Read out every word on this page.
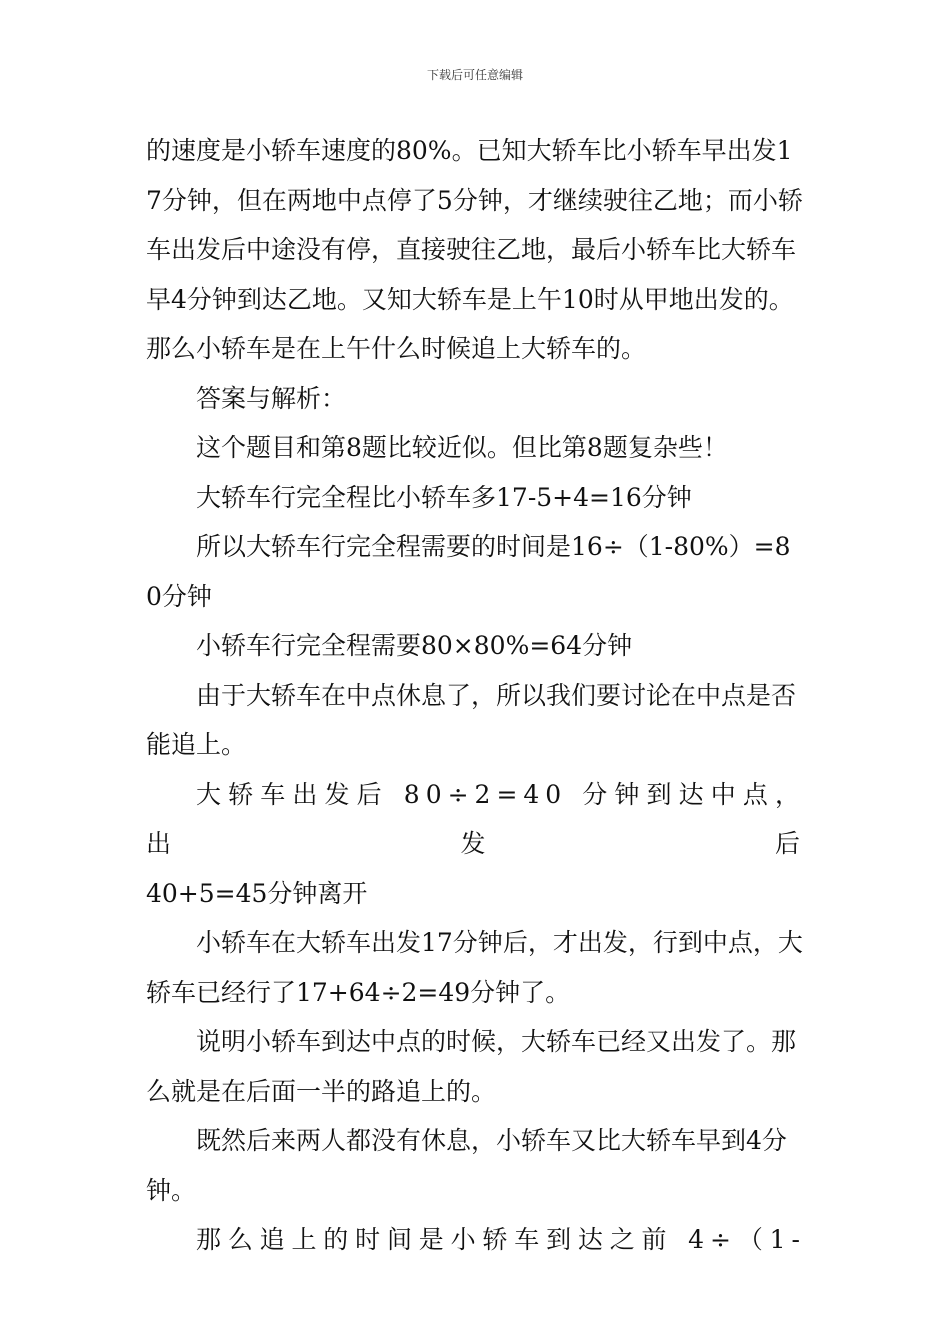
下载后可任意编辑

的速度是小轿车速度的80%。已知大轿车比小轿车早出发17分钟，但在两地中点停了5分钟，才继续驶往乙地；而小轿车出发后中途没有停，直接驶往乙地，最后小轿车比大轿车早4分钟到达乙地。又知大轿车是上午10时从甲地出发的。那么小轿车是在上午什么时候追上大轿车的。

答案与解析：

这个题目和第8题比较近似。但比第8题复杂些！

大轿车行完全程比小轿车多17-5+4=16分钟

所以大轿车行完全程需要的时间是16÷（1-80%）=80分钟

小轿车行完全程需要80×80%=64分钟

由于大轿车在中点休息了，所以我们要讨论在中点是否能追上。

大轿车出发后 80÷2=40 分钟到达中点，出发后

40+5=45分钟离开

小轿车在大轿车出发17分钟后，才出发，行到中点，大轿车已经行了17+64÷2=49分钟了。

说明小轿车到达中点的时候，大轿车已经又出发了。那么就是在后面一半的路追上的。

既然后来两人都没有休息，小轿车又比大轿车早到4分钟。

那么追上的时间是小轿车到达之前 4÷（1-
